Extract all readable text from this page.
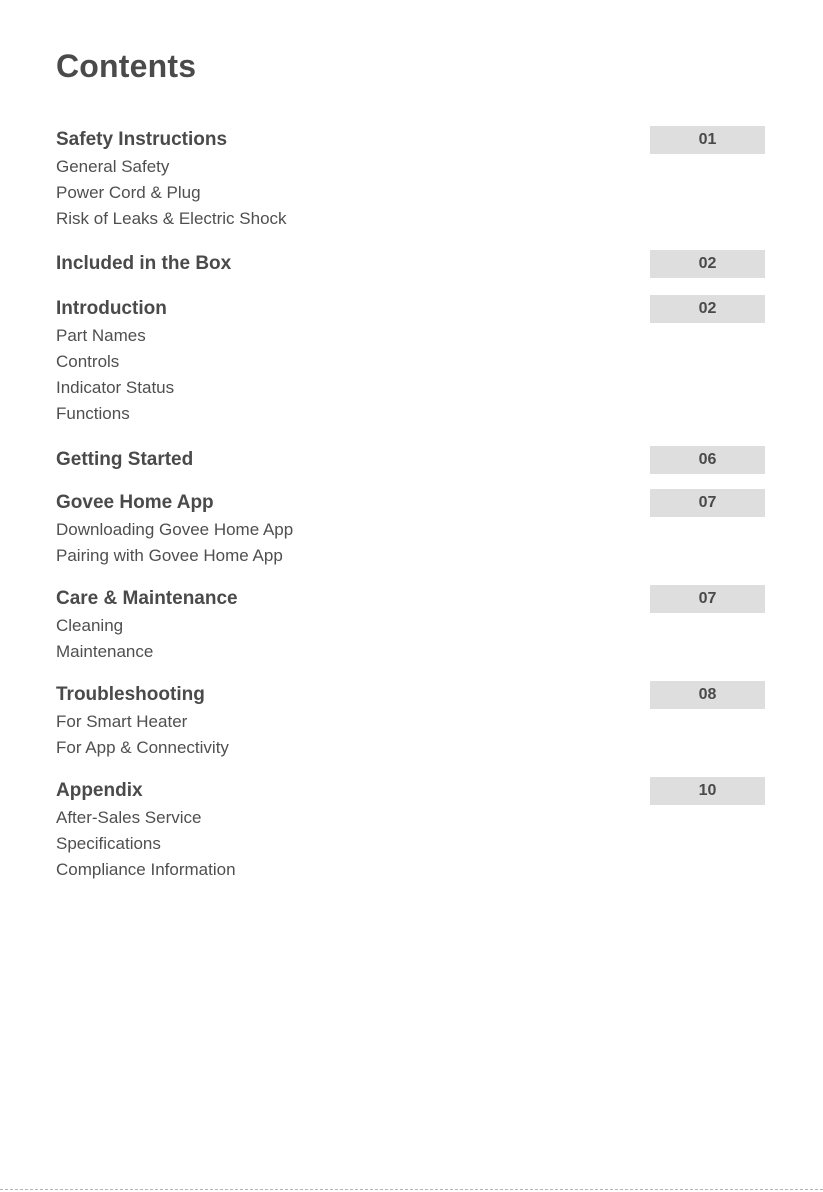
Contents
Safety Instructions	01
General Safety
Power Cord & Plug
Risk of Leaks & Electric Shock
Included in the Box	02
Introduction	02
Part Names
Controls
Indicator Status
Functions
Getting Started	06
Govee Home App	07
Downloading Govee Home App
Pairing with Govee Home App
Care & Maintenance	07
Cleaning
Maintenance
Troubleshooting	08
For Smart Heater
For App & Connectivity
Appendix	10
After-Sales Service
Specifications
Compliance Information
